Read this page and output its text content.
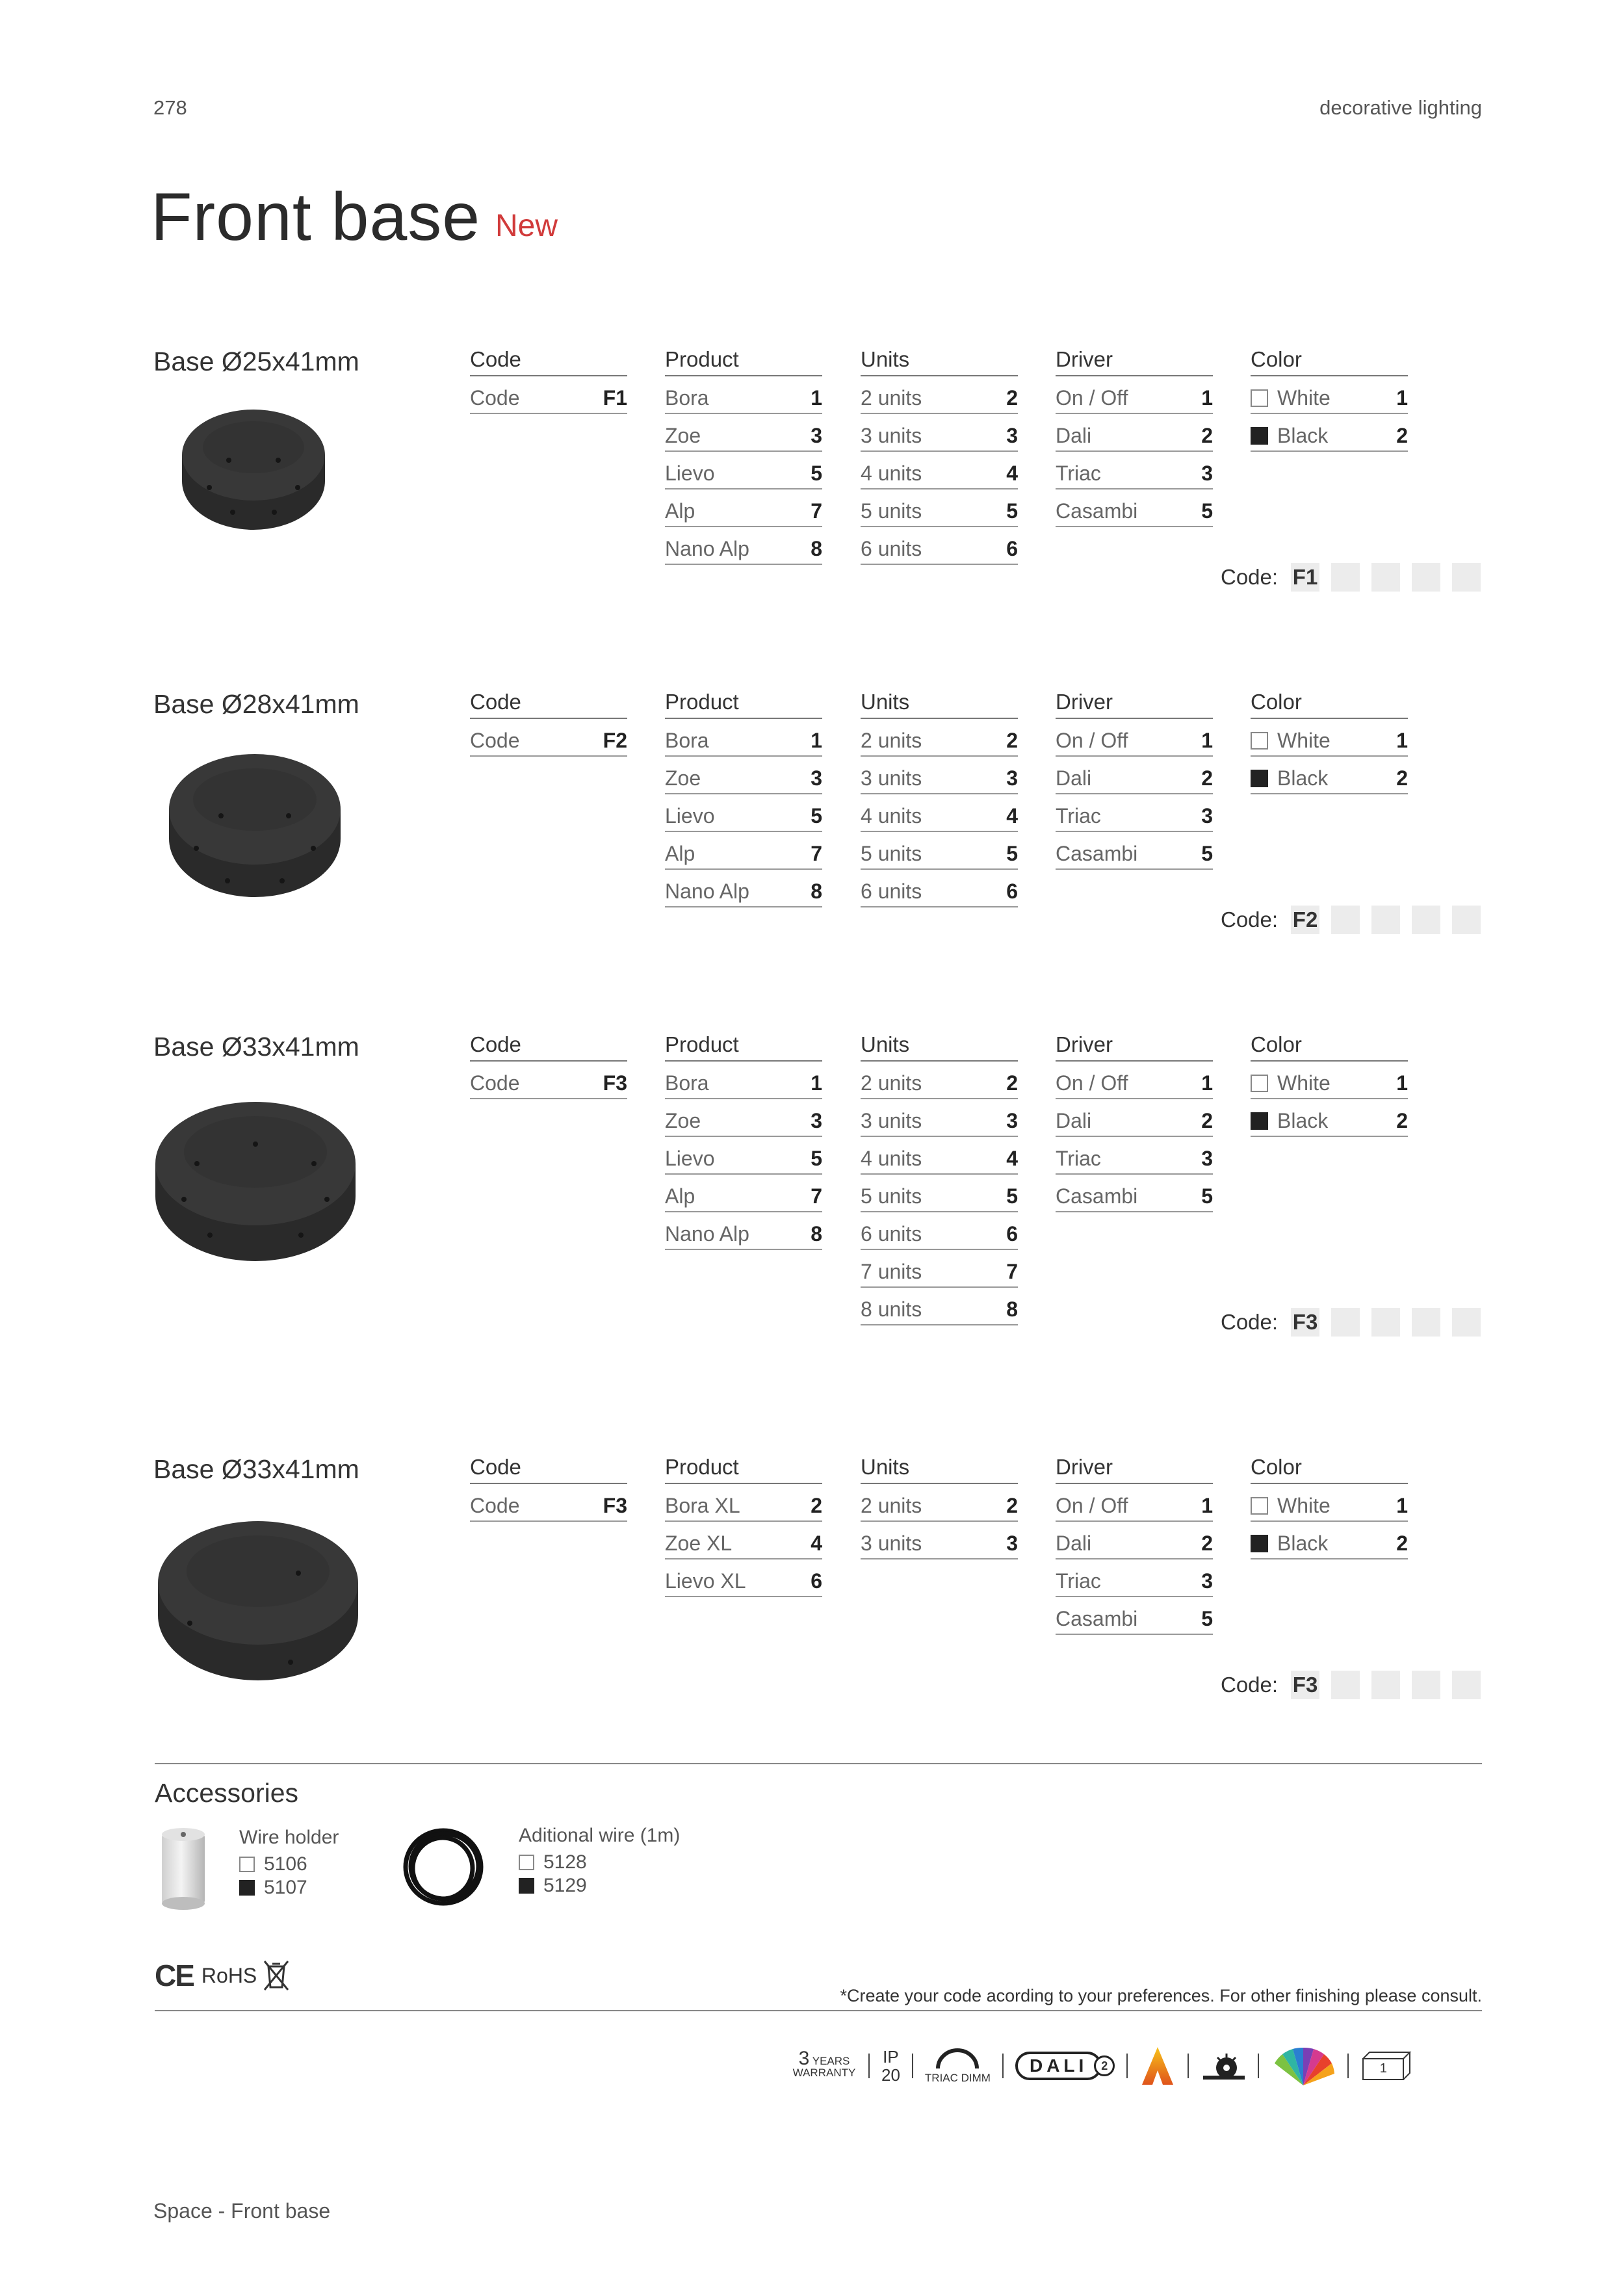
278	decorative lighting
Front base New
Base Ø25x41mm	Code
Code	F1
Product
Bora	1
Zoe	3
Lievo	5
Alp	7
Nano Alp	8
Units
2 units	2
3 units	3
4 units	4
5 units	5
6 units	6
Driver
On / Off	1
Dali	2
Triac	3
Casambi	5
Color
White	1
Black	2
Code: F1
Base Ø28x41mm	Code
Code	F2
Product
Bora	1
Zoe	3
Lievo	5
Alp	7
Nano Alp	8
Units
2 units	2
3 units	3
4 units	4
5 units	5
6 units	6
Driver
On / Off	1
Dali	2
Triac	3
Casambi	5
Color
White	1
Black	2
Code: F2
Base Ø33x41mm	Code
Code	F3
Product
Bora	1
Zoe	3
Lievo	5
Alp	7
Nano Alp	8
Units
2 units	2
3 units	3
4 units	4
5 units	5
6 units	6
7 units	7
8 units	8
Driver
On / Off	1
Dali	2
Triac	3
Casambi	5
Color
White	1
Black	2
Code: F3
Base Ø33x41mm	Code
Code	F3
Product
Bora XL	2
Zoe XL	4
Lievo XL	6
Units
2 units	2
3 units	3
Driver
On / Off	1
Dali	2
Triac	3
Casambi	5
Color
White	1
Black	2
Code: F3
Accessories
Wire holder
5106
5107
Aditional wire (1m)
5128
5129
CE RoHS
*Create your code acording to your preferences. For other finishing please consult.
3 YEARS
WARRANTY
IP
20 TRIAC DIMM
DALI	2	1
Space - Front base
